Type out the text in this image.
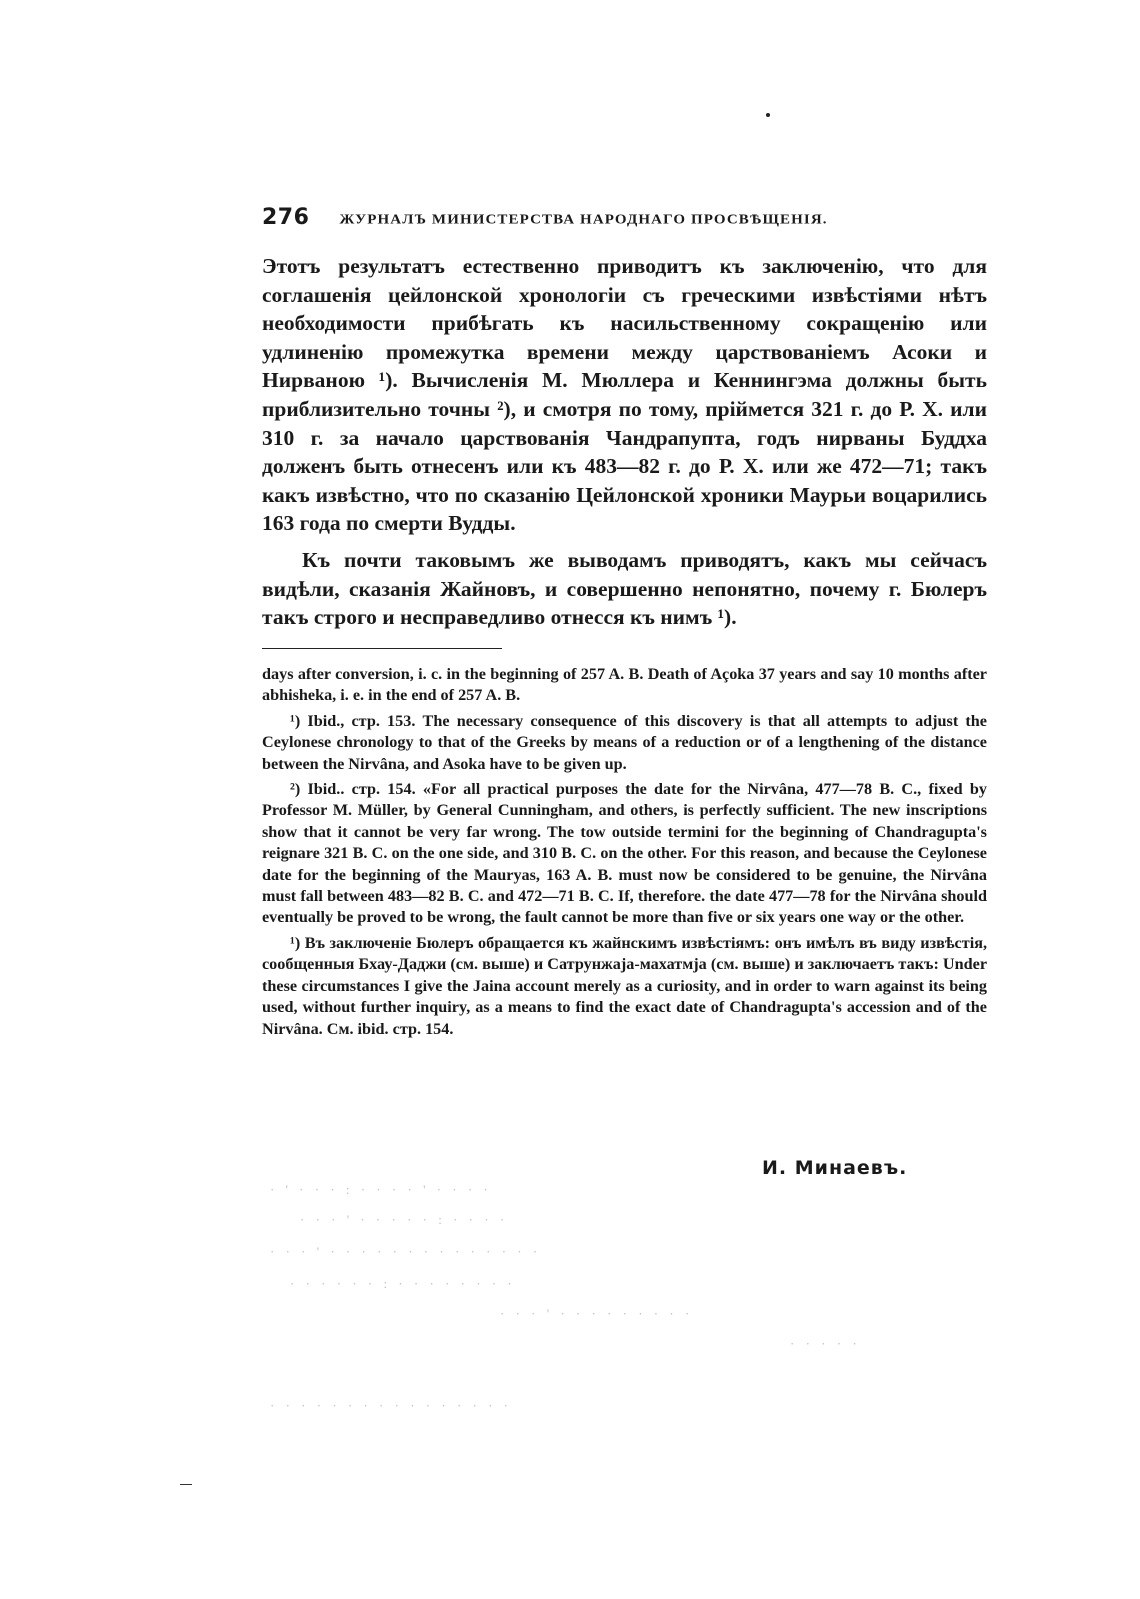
276 ЖУРНАЛЪ МИНИСТЕРСТВА НАРОДНАГО ПРОСВѢЩЕНІЯ.

Этотъ результатъ естественно приводитъ къ заключенію, что для соглашенія цейлонской хронологіи съ греческими извѣстіями нѣтъ необходимости прибѣгать къ насильственному сокращенію или удлиненію промежутка времени между царствованіемъ Асоки и Нирваною ¹). Вычисленія М. Мюллера и Кеннингэма должны быть приблизительно точны ²), и смотря по тому, пріймется 321 г. до Р. Х. или 310 г. за начало царствованія Чандрапупта, годъ нирваны Буддха долженъ быть отнесенъ или къ 483—82 г. до Р. Х. или же 472—71; такъ какъ извѣстно, что по сказанію Цейлонской хроники Маурьи воцарились 163 года по смерти Вудды.

Къ почти таковымъ же выводамъ приводятъ, какъ мы сейчасъ видѣли, сказанія Жайновъ, и совершенно непонятно, почему г. Бюлеръ такъ строго и несправедливо отнесся къ нимъ ¹).

days after conversion, i. c. in the beginning of 257 A. B. Death of Açoka 37 years and say 10 months after abhisheka, i. e. in the end of 257 A. B.

¹) Ibid., стр. 153. The necessary consequence of this discovery is that all attempts to adjust the Ceylonese chronology to that of the Greeks by means of a reduction or of a lengthening of the distance between the Nirvâna, and Asoka have to be given up.

²) Ibid.. стр. 154. «For all practical purposes the date for the Nirvâna, 477—78 B. C., fixed by Professor M. Müller, by General Cunningham, and others, is perfectly sufficient. The new inscriptions show that it cannot be very far wrong. The tow outside termini for the beginning of Chandragupta's reignare 321 B. C. on the one side, and 310 B. C. on the other. For this reason, and because the Ceylonese date for the beginning of the Mauryas, 163 A. B. must now be considered to be genuine, the Nirvâna must fall between 483—82 B. C. and 472—71 B. C. If, therefore. the date 477—78 for the Nirvâna should eventually be proved to be wrong, the fault cannot be more than five or six years one way or the other.

¹) Въ заключеніе Бюлеръ обращается къ жайнскимъ извѣстіямъ: онъ имѣлъ въ виду извѣстія, сообщенныя Бхау-Даджи (см. выше) и Сатрунжаja-махатмja (см. выше) и заключаетъ такъ: Under these circumstances I give the Jaina account merely as a curiosity, and in order to warn against its being used, without further inquiry, as a means to find the exact date of Chandragupta's accession and of the Nirvâna. См. ibid. стр. 154.

И. Минаевъ.
· ' · · · : · · · · ' · · · ·
· · · ' · · · · · : · · · ·
· · · ' · · · · · · · · · · · · · ·
· · · · · · : · · · · · · · ·
· · · ' · · · · · · · · ·
· · · · ·
· · · · · · · · · · · · · · · ·
